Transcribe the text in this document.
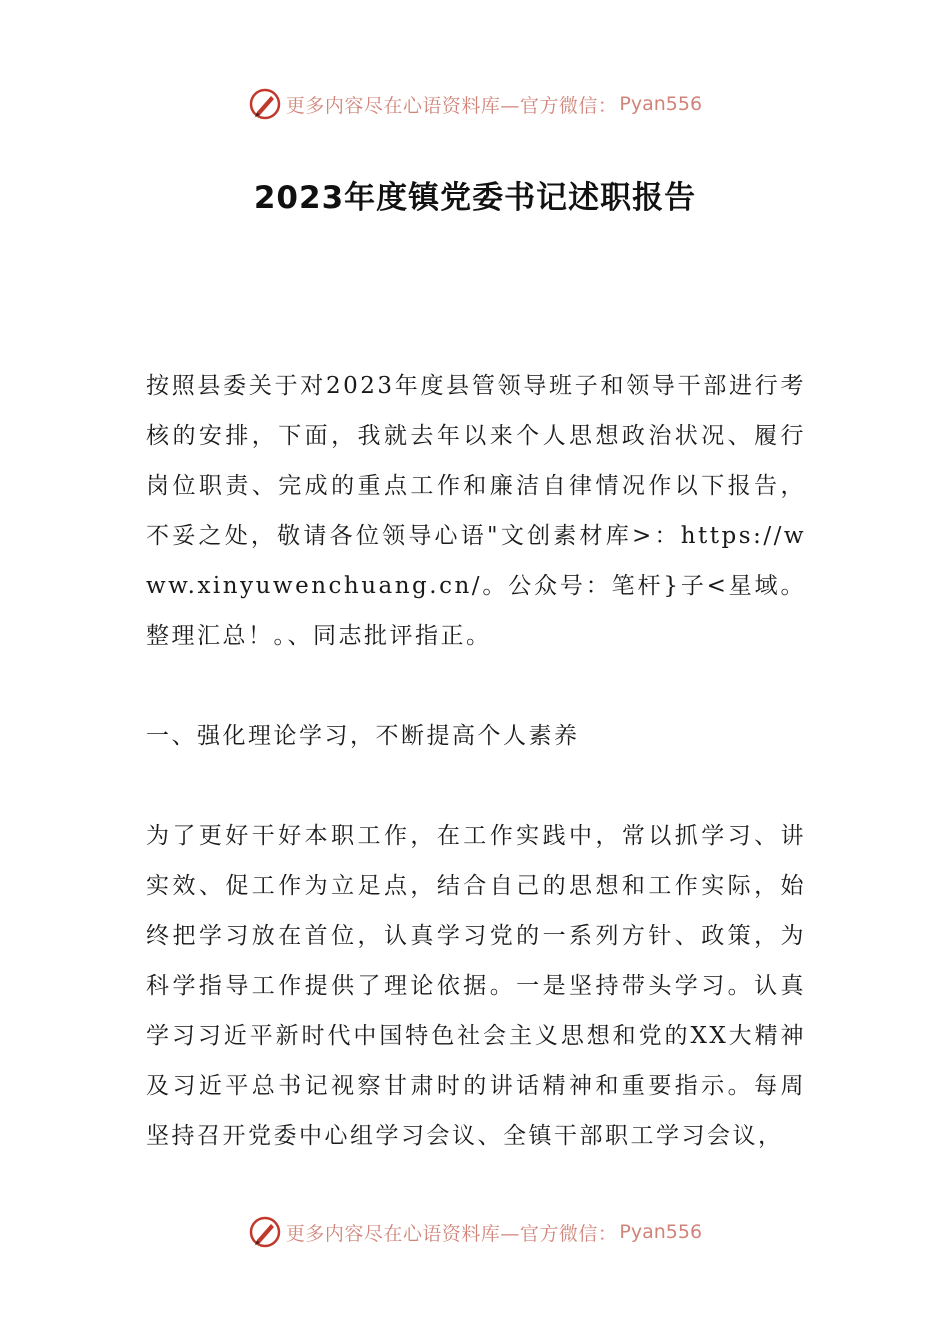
更多内容尽在心语资料库—官方微信： Pyan556
2023年度镇党委书记述职报告

按照县委关于对2023年度县管领导班子和领导干部进行考核的安排，下面，我就去年以来个人思想政治状况、履行岗位职责、完成的重点工作和廉洁自律情况作以下报告，不妥之处，敬请各位领导心语"文创素材库>：https://www.xinyuwenchuang.cn/。公众号：笔杆}子<星域。整理汇总！。、同志批评指正。

一、强化理论学习，不断提高个人素养

为了更好干好本职工作，在工作实践中，常以抓学习、讲实效、促工作为立足点，结合自己的思想和工作实际，始终把学习放在首位，认真学习党的一系列方针、政策，为科学指导工作提供了理论依据。一是坚持带头学习。认真学习习近平新时代中国特色社会主义思想和党的XX大精神及习近平总书记视察甘肃时的讲话精神和重要指示。每周坚持召开党委中心组学习会议、全镇干部职工学习会议，

更多内容尽在心语资料库—官方微信： Pyan556
